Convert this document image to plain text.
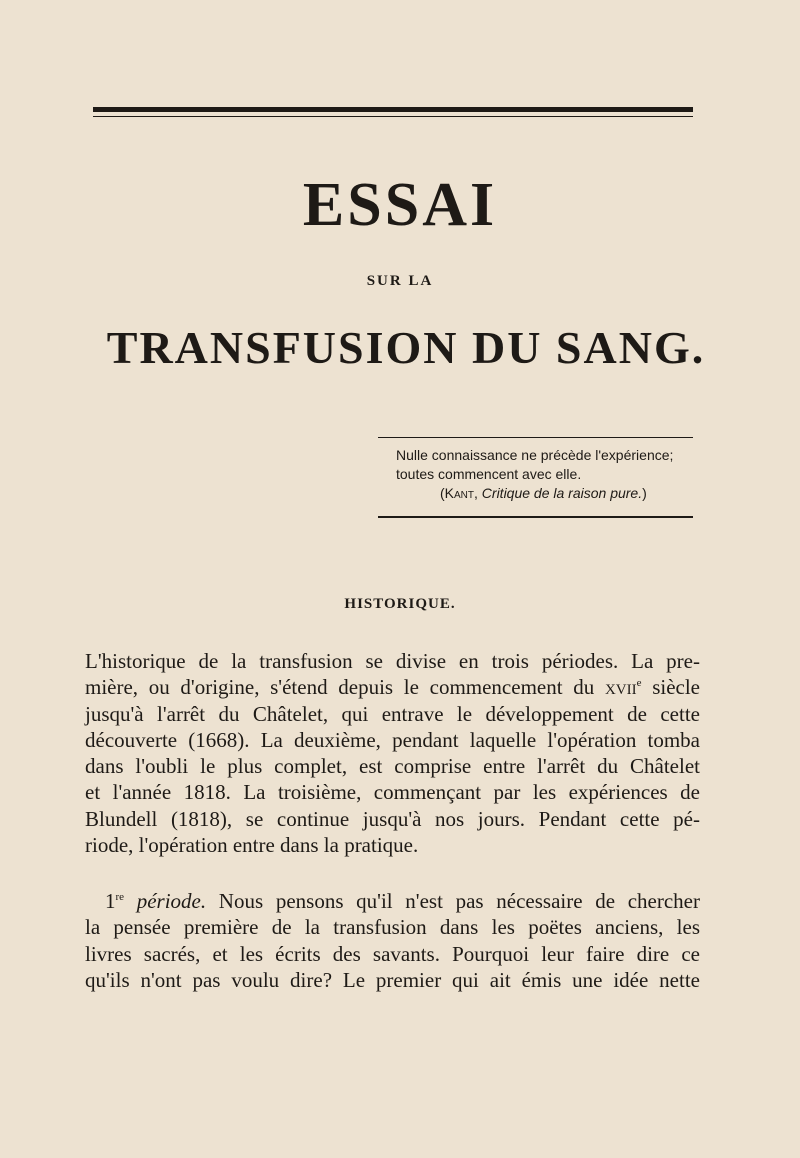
ESSAI
SUR LA
TRANSFUSION DU SANG.
Nulle connaissance ne précède l'expérience;
toutes commencent avec elle.
(Kant, Critique de la raison pure.)
HISTORIQUE.
L'historique de la transfusion se divise en trois périodes. La pre-
mière, ou d'origine, s'étend depuis le commencement du xvii$^e$ siècle
jusqu'à l'arrêt du Châtelet, qui entrave le développement de cette
découverte (1668). La deuxième, pendant laquelle l'opération tomba
dans l'oubli le plus complet, est comprise entre l'arrêt du Châtelet
et l'année 1818. La troisième, commençant par les expériences de
Blundell (1818), se continue jusqu'à nos jours. Pendant cette pé-
riode, l'opération entre dans la pratique.
1re période. Nous pensons qu'il n'est pas nécessaire de chercher
la pensée première de la transfusion dans les poëtes anciens, les
livres sacrés, et les écrits des savants. Pourquoi leur faire dire ce
qu'ils n'ont pas voulu dire? Le premier qui ait émis une idée nette
